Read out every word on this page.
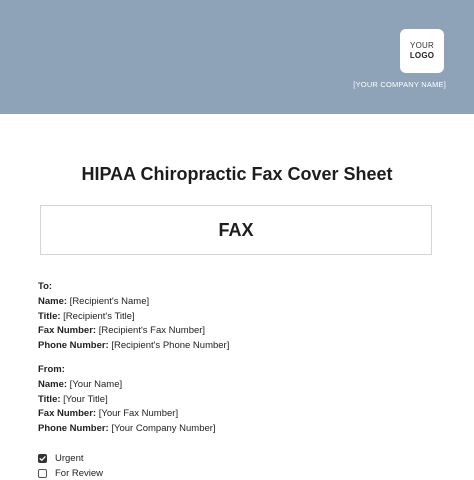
YOUR
LOGO
[YOUR COMPANY NAME]
HIPAA Chiropractic Fax Cover Sheet
FAX
To:
Name: [Recipient's Name]
Title: [Recipient's Title]
Fax Number: [Recipient's Fax Number]
Phone Number: [Recipient's Phone Number]
From:
Name: [Your Name]
Title: [Your Title]
Fax Number: [Your Fax Number]
Phone Number: [Your Company Number]
Urgent
For Review
